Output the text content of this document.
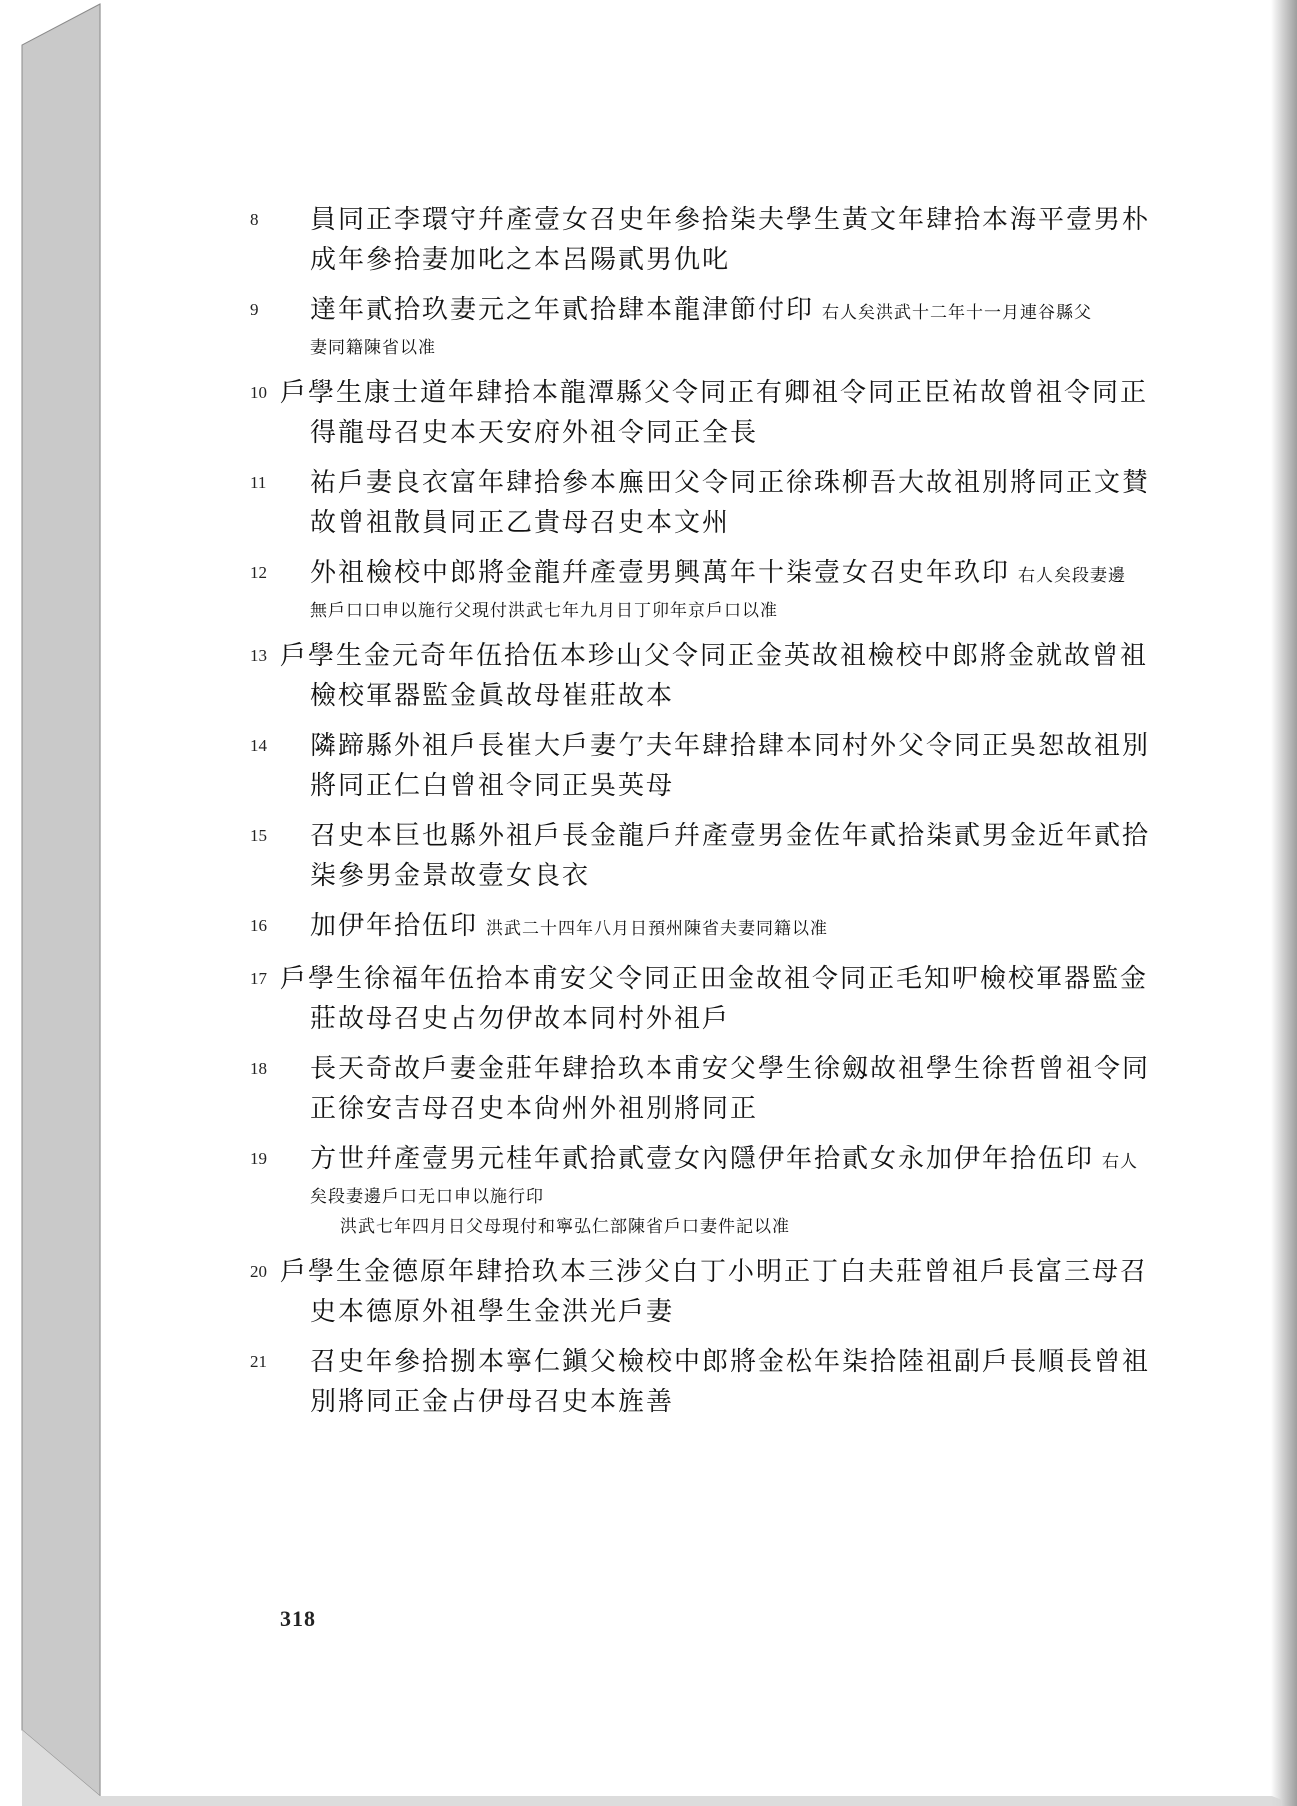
8	員同正李環守幷產壹女召史年參拾柒夫學生黃文年肆拾本海平壹男朴
成年參拾妻加叱之本呂陽貳男仇叱
9	達年貳拾玖妻元之年貳拾肆本龍津節付印 右人矣洪武十二年十一月連谷縣父
妻同籍陳省以准
10 戶學生康士道年肆拾本龍潭縣父令同正有卿祖令同正臣祐故曾祖令同正
得龍母召史本天安府外祖令同正全長
11	祐戶妻良衣富年肆拾參本廡田父令同正徐珠柳吾大故祖別將同正文賛
故曾祖散員同正乙貴母召史本文州
12	外祖檢校中郎將金龍幷產壹男興萬年十柒壹女召史年玖印 右人矣段妻邊
無戶口口申以施行父現付洪武七年九月日丁卯年京戶口以准
13 戶學生金元奇年伍拾伍本珍山父令同正金英故祖檢校中郎將金就故曾祖
檢校軍器監金眞故母崔莊故本
14	隣蹄縣外祖戶長崔大戶妻亇夫年肆拾肆本同村外父令同正吳恕故祖別
將同正仁白曾祖令同正吳英母
15	召史本巨也縣外祖戶長金龍戶幷產壹男金佐年貳拾柒貳男金近年貳拾
柒參男金景故壹女良衣
16	加伊年拾伍印 洪武二十四年八月日預州陳省夫妻同籍以准
17 戶學生徐福年伍拾本甫安父令同正田金故祖令同正毛知㕧檢校軍器監金
莊故母召史占勿伊故本同村外祖戶
18	長天奇故戶妻金莊年肆拾玖本甫安父學生徐劔故祖學生徐哲曾祖令同
正徐安吉母召史本尙州外祖別將同正
19	方世幷產壹男元桂年貳拾貳壹女內隱伊年拾貳女永加伊年拾伍印 右人
矣段妻邊戶口无口申以施行印
洪武七年四月日父母現付和寧弘仁部陳省戶口妻件記以准
20 戶學生金德原年肆拾玖本三涉父白丁小明正丁白夫莊曾祖戶長富三母召
史本德原外祖學生金洪光戶妻
21	召史年參拾捌本寧仁鎭父檢校中郎將金松年柒拾陸祖副戶長順長曾祖
別將同正金占伊母召史本旌善
318
